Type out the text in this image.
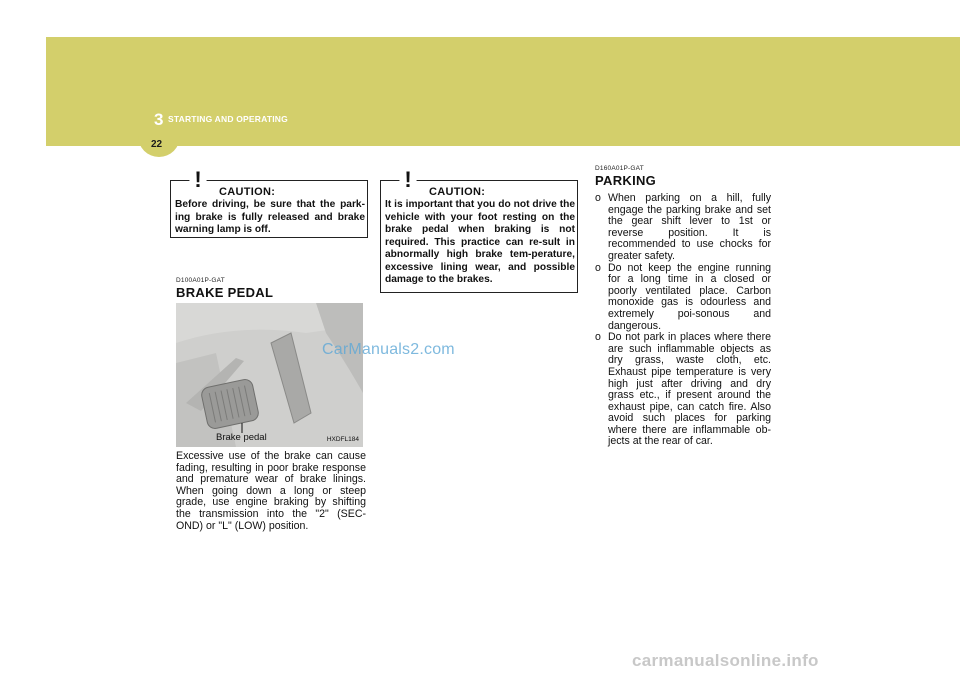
3 STARTING AND OPERATING
22
! CAUTION:
Before driving, be sure that the park-ing brake is fully released and brake warning lamp is off.
! CAUTION:
It is important that you do not drive the vehicle with your foot resting on the brake pedal when braking is not required. This practice can re-sult in abnormally high brake tem-perature, excessive lining wear, and possible damage to the brakes.
D100A01P-GAT
BRAKE PEDAL
Brake pedal	HXDFL184
Excessive use of the brake can cause fading, resulting in poor brake response and premature wear of brake linings. When going down a long or steep grade, use engine braking by shifting the transmission into the "2" (SEC-OND) or "L" (LOW) position.
D160A01P-GAT
PARKING
o When parking on a hill, fully engage the parking brake and set the gear shift lever to 1st or reverse position. It is recommended to use chocks for greater safety.
o Do not keep the engine running for a long time in a closed or poorly ventilated place. Carbon monoxide gas is odourless and extremely poi-sonous and dangerous.
o Do not park in places where there are such inflammable objects as dry grass, waste cloth, etc. Exhaust pipe temperature is very high just after driving and dry grass etc., if present around the exhaust pipe, can catch fire. Also avoid such places for parking where there are inflammable ob-jects at the rear of car.
CarManuals2.com
carmanualsonline.info
